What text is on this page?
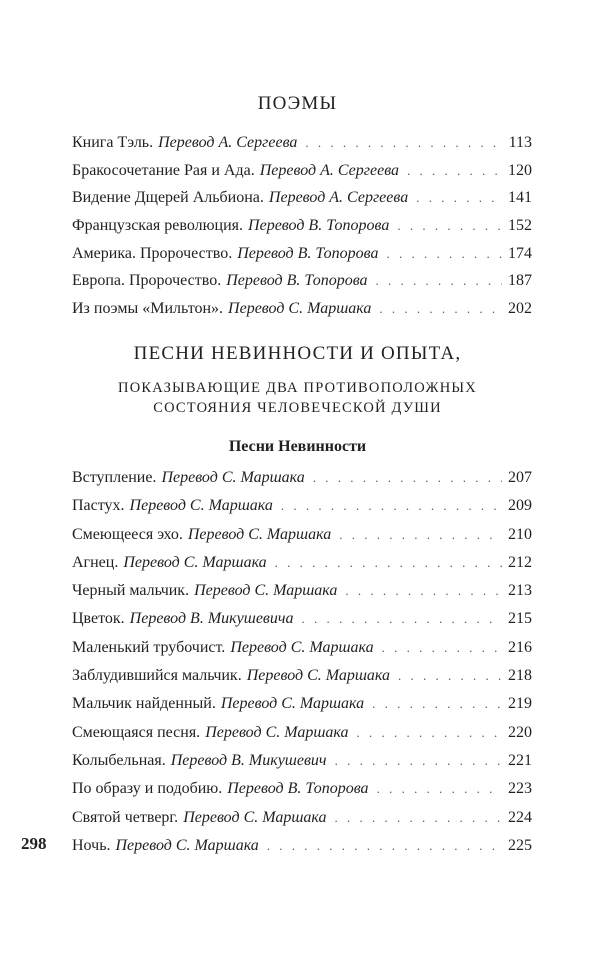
ПОЭМЫ
Книга Тэль. Перевод А. Сергеева . . .	113
Бракосочетание Рая и Ада. Перевод А. Сергеева . . .	120
Видение Дщерей Альбиона. Перевод А. Сергеева . . .	141
Французская революция. Перевод В. Топорова . . .	152
Америка. Пророчество. Перевод В. Топорова . . .	174
Европа. Пророчество. Перевод В. Топорова . . .	187
Из поэмы «Мильтон». Перевод С. Маршака . . .	202
ПЕСНИ НЕВИННОСТИ И ОПЫТА,
ПОКАЗЫВАЮЩИЕ ДВА ПРОТИВОПОЛОЖНЫХ
СОСТОЯНИЯ ЧЕЛОВЕЧЕСКОЙ ДУШИ
Песни Невинности
Вступление. Перевод С. Маршака . . .	207
Пастух. Перевод С. Маршака . . .	209
Смеющееся эхо. Перевод С. Маршака . . .	210
Агнец. Перевод С. Маршака . . .	212
Черный мальчик. Перевод С. Маршака . . .	213
Цветок. Перевод В. Микушевича . . .	215
Маленький трубочист. Перевод С. Маршака . . .	216
Заблудившийся мальчик. Перевод С. Маршака . . .	218
Мальчик найденный. Перевод С. Маршака . . .	219
Смеющаяся песня. Перевод С. Маршака . . .	220
Колыбельная. Перевод В. Микушевич . . .	221
По образу и подобию. Перевод В. Топорова . . .	223
Святой четверг. Перевод С. Маршака . . .	224
Ночь. Перевод С. Маршака . . .	225
298
